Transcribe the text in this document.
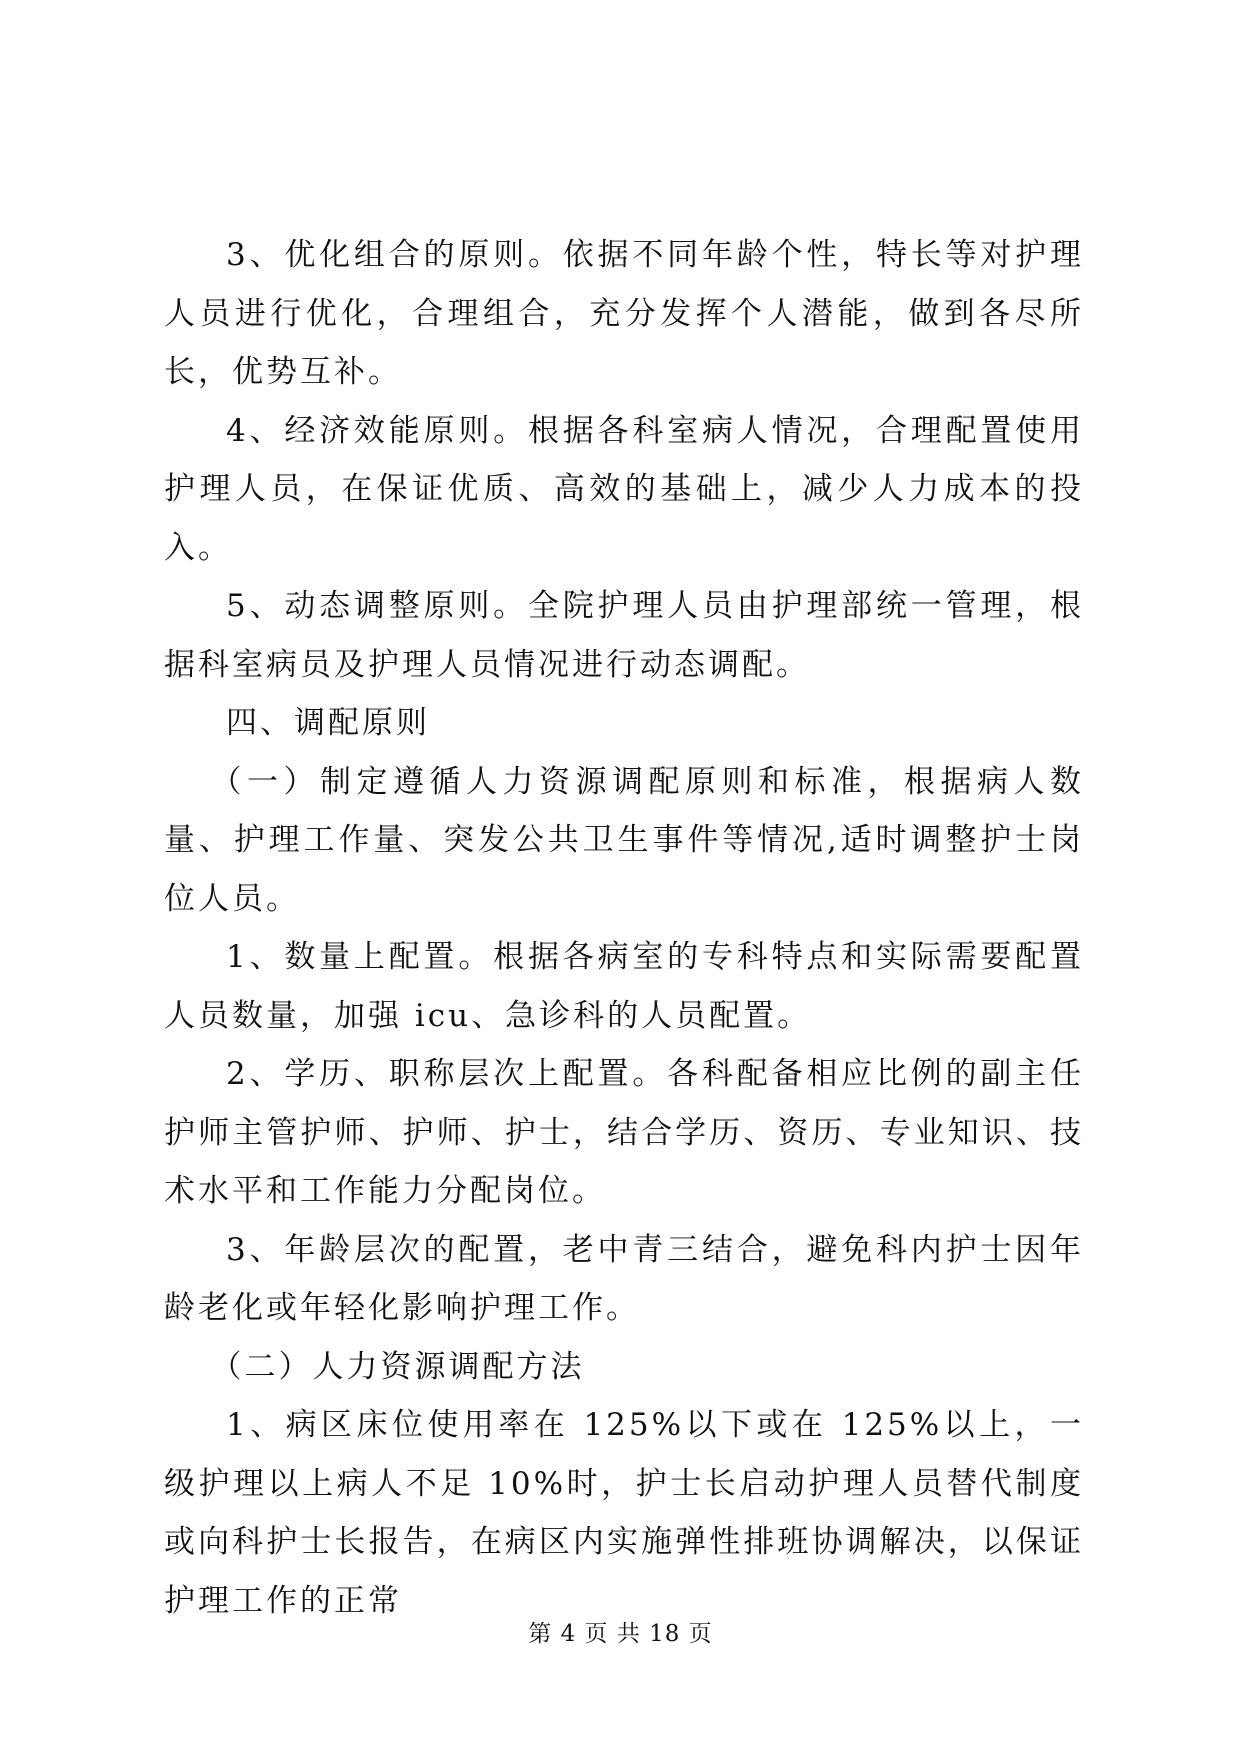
3、优化组合的原则。依据不同年龄个性，特长等对护理人员进行优化，合理组合，充分发挥个人潜能，做到各尽所长，优势互补。

4、经济效能原则。根据各科室病人情况，合理配置使用护理人员，在保证优质、高效的基础上，减少人力成本的投入。

5、动态调整原则。全院护理人员由护理部统一管理，根据科室病员及护理人员情况进行动态调配。

四、调配原则

（一）制定遵循人力资源调配原则和标准，根据病人数量、护理工作量、突发公共卫生事件等情况,适时调整护士岗位人员。

1、数量上配置。根据各病室的专科特点和实际需要配置人员数量，加强 icu、急诊科的人员配置。

2、学历、职称层次上配置。各科配备相应比例的副主任护师主管护师、护师、护士，结合学历、资历、专业知识、技术水平和工作能力分配岗位。

3、年龄层次的配置，老中青三结合，避免科内护士因年龄老化或年轻化影响护理工作。

（二）人力资源调配方法

1、病区床位使用率在 125%以下或在 125%以上，一级护理以上病人不足 10%时，护士长启动护理人员替代制度或向科护士长报告，在病区内实施弹性排班协调解决，以保证护理工作的正常

第 4 页 共 18 页
